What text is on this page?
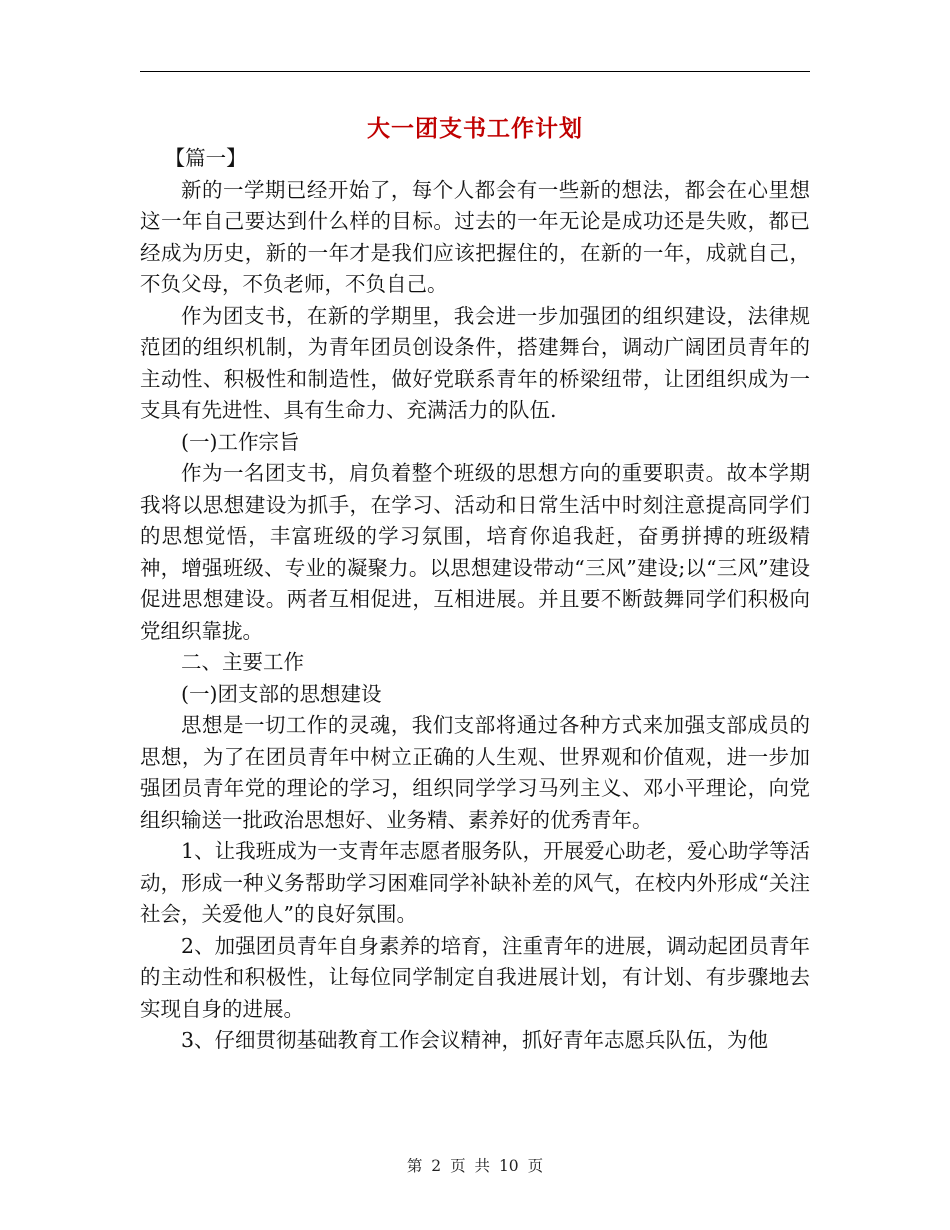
大一团支书工作计划

【篇一】

新的一学期已经开始了，每个人都会有一些新的想法，都会在心里想这一年自己要达到什么样的目标。过去的一年无论是成功还是失败，都已经成为历史，新的一年才是我们应该把握住的，在新的一年，成就自己，不负父母，不负老师，不负自己。

作为团支书，在新的学期里，我会进一步加强团的组织建设，法律规范团的组织机制，为青年团员创设条件，搭建舞台，调动广阔团员青年的主动性、积极性和制造性，做好党联系青年的桥梁纽带，让团组织成为一支具有先进性、具有生命力、充满活力的队伍.

(一)工作宗旨

作为一名团支书，肩负着整个班级的思想方向的重要职责。故本学期我将以思想建设为抓手，在学习、活动和日常生活中时刻注意提高同学们的思想觉悟，丰富班级的学习氛围，培育你追我赶，奋勇拼搏的班级精神，增强班级、专业的凝聚力。以思想建设带动“三风”建设;以“三风”建设促进思想建设。两者互相促进，互相进展。并且要不断鼓舞同学们积极向党组织靠拢。

二、主要工作

(一)团支部的思想建设

思想是一切工作的灵魂，我们支部将通过各种方式来加强支部成员的思想，为了在团员青年中树立正确的人生观、世界观和价值观，进一步加强团员青年党的理论的学习，组织同学学习马列主义、邓小平理论，向党组织输送一批政治思想好、业务精、素养好的优秀青年。

1、让我班成为一支青年志愿者服务队，开展爱心助老，爱心助学等活动，形成一种义务帮助学习困难同学补缺补差的风气，在校内外形成“关注社会，关爱他人”的良好氛围。

2、加强团员青年自身素养的培育，注重青年的进展，调动起团员青年的主动性和积极性，让每位同学制定自我进展计划，有计划、有步骤地去实现自身的进展。

3、仔细贯彻基础教育工作会议精神，抓好青年志愿兵队伍，为他

第 2 页 共 10 页
